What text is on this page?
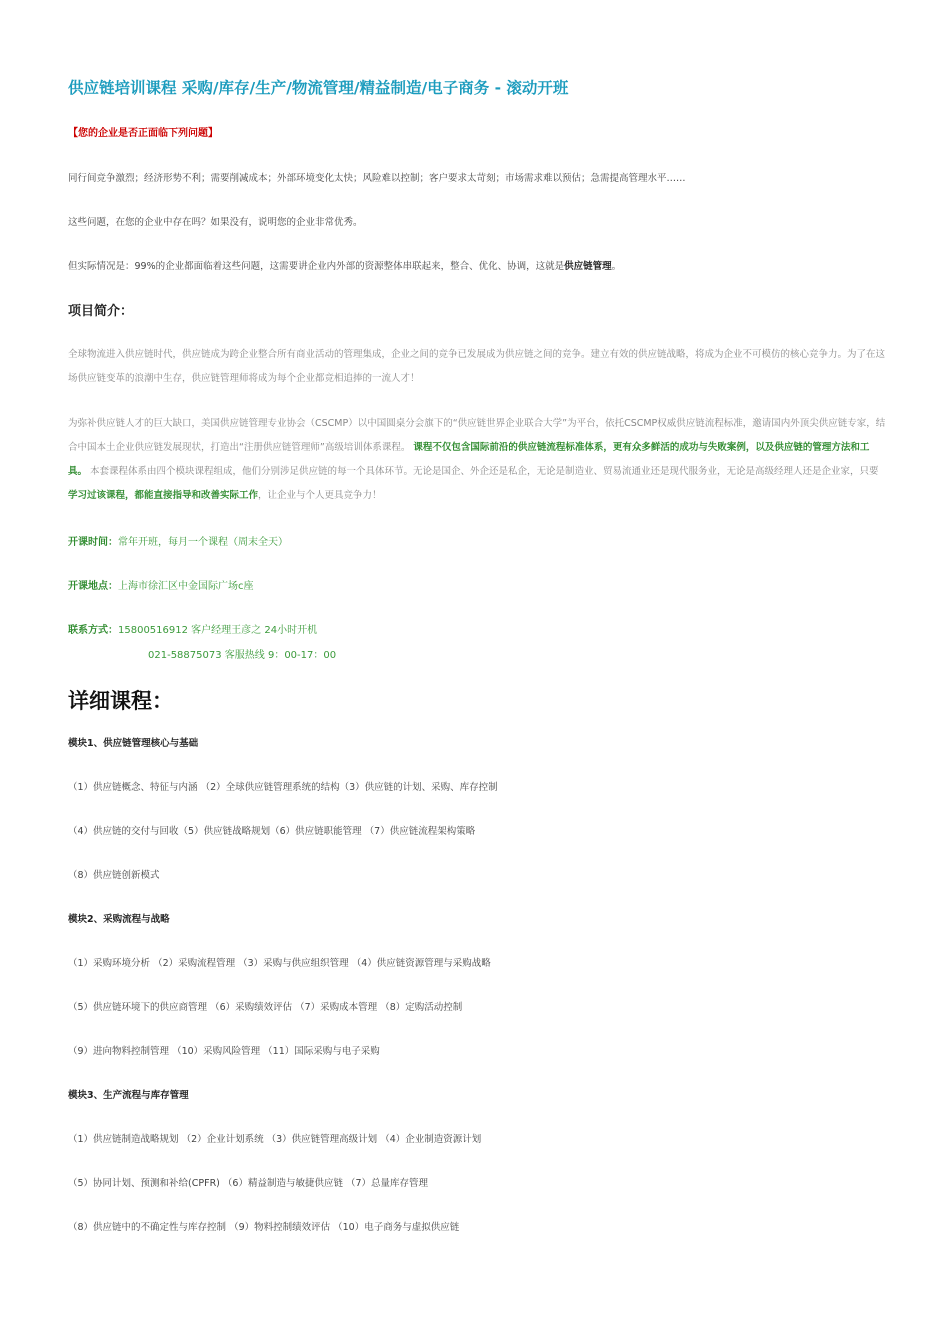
供应链培训课程 采购/库存/生产/物流管理/精益制造/电子商务 - 滚动开班
【您的企业是否正面临下列问题】
同行间竞争激烈；经济形势不利；需要削减成本；外部环境变化太快；风险难以控制；客户要求太苛刻；市场需求难以预估；急需提高管理水平……
这些问题，在您的企业中存在吗？如果没有，说明您的企业非常优秀。
但实际情况是：99%的企业都面临着这些问题，这需要讲企业内外部的资源整体串联起来，整合、优化、协调，这就是供应链管理。
项目简介：
全球物流进入供应链时代，供应链成为跨企业整合所有商业活动的管理集成，企业之间的竞争已发展成为供应链之间的竞争。建立有效的供应链战略，将成为企业不可模仿的核心竞争力。为了在这场供应链变革的浪潮中生存，供应链管理师将成为每个企业都竞相追捧的一流人才！
为弥补供应链人才的巨大缺口，美国供应链管理专业协会（CSCMP）以中国圆桌分会旗下的“供应链世界企业联合大学”为平台，依托CSCMP权威供应链流程标准，邀请国内外顶尖供应链专家，结合中国本土企业供应链发展现状，打造出“注册供应链管理师”高级培训体系课程。 课程不仅包含国际前沿的供应链流程标准体系，更有众多鲜活的成功与失败案例，以及供应链的管理方法和工具。 本套课程体系由四个模块课程组成，他们分别涉足供应链的每一个具体环节。无论是国企、外企还是私企，无论是制造业、贸易流通业还是现代服务业，无论是高级经理人还是企业家，只要学习过该课程，都能直接指导和改善实际工作，让企业与个人更具竞争力！
开课时间：常年开班，每月一个课程（周末全天）
开课地点：上海市徐汇区中金国际广场c座
联系方式：15800516912 客户经理王彦之 24小时开机
021-58875073 客服热线 9：00-17：00
详细课程：
模块1、供应链管理核心与基础
（1）供应链概念、特征与内涵 （2）全球供应链管理系统的结构（3）供应链的计划、采购、库存控制
（4）供应链的交付与回收（5）供应链战略规划（6）供应链职能管理 （7）供应链流程架构策略
（8）供应链创新模式
模块2、采购流程与战略
（1）采购环境分析 （2）采购流程管理 （3）采购与供应组织管理 （4）供应链资源管理与采购战略
（5）供应链环境下的供应商管理 （6）采购绩效评估 （7）采购成本管理 （8）定购活动控制
（9）进向物料控制管理 （10）采购风险管理 （11）国际采购与电子采购
模块3、生产流程与库存管理
（1）供应链制造战略规划 （2）企业计划系统 （3）供应链管理高级计划 （4）企业制造资源计划
（5）协同计划、预测和补给(CPFR) （6）精益制造与敏捷供应链 （7）总量库存管理
（8）供应链中的不确定性与库存控制 （9）物料控制绩效评估 （10）电子商务与虚拟供应链
